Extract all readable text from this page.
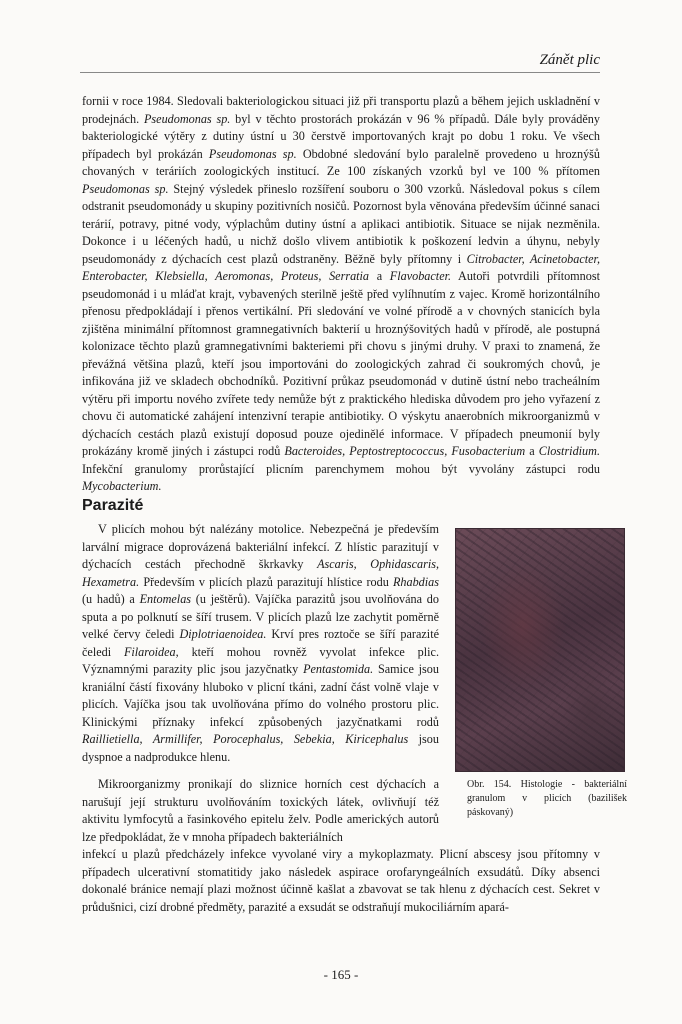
Zánět plic

fornii v roce 1984. Sledovali bakteriologickou situaci již při transportu plazů a během jejich uskladnění v prodejnách. Pseudomonas sp. byl v těchto prostorách prokázán v 96 % případů. Dále byly prováděny bakteriologické výtěry z dutiny ústní u 30 čerstvě importovaných krajt po dobu 1 roku. Ve všech případech byl prokázán Pseudomonas sp. Obdobné sledování bylo paralelně provedeno u hroznýšů chovaných v teráriích zoologických institucí. Ze 100 získaných vzorků byl ve 100 % přítomen Pseudomonas sp. Stejný výsledek přineslo rozšíření souboru o 300 vzorků. Následoval pokus s cílem odstranit pseudomonády u skupiny pozitivních nosičů. Pozornost byla věnována především účinné sanaci terárií, potravy, pitné vody, výplachům dutiny ústní a aplikaci antibiotik. Situace se nijak nezměnila. Dokonce i u léčených hadů, u nichž došlo vlivem antibiotik k poškození ledvin a úhynu, nebyly pseudomonády z dýchacích cest plazů odstraněny. Běžně byly přítomny i Citrobacter, Acinetobacter, Enterobacter, Klebsiella, Aeromonas, Proteus, Serratia a Flavobacter. Autoři potvrdili přítomnost pseudomonád i u mláďat krajt, vybavených sterilně ještě před vylíhnutím z vajec. Kromě horizontálního přenosu předpokládají i přenos vertikální. Při sledování ve volné přírodě a v chovných stanicích byla zjištěna minimální přítomnost gramnegativních bakterií u hroznýšovitých hadů v přírodě, ale postupná kolonizace těchto plazů gramnegativními bakteriemi při chovu s jinými druhy. V praxi to znamená, že převážná většina plazů, kteří jsou importováni do zoologických zahrad či soukromých chovů, je infikována již ve skladech obchodníků. Pozitivní průkaz pseudomonád v dutině ústní nebo tracheálním výtěru při importu nového zvířete tedy nemůže být z praktického hlediska důvodem pro jeho vyřazení z chovu či automatické zahájení intenzivní terapie antibiotiky. O výskytu anaerobních mikroorganizmů v dýchacích cestách plazů existují doposud pouze ojedinělé informace. V případech pneumonií byly prokázány kromě jiných i zástupci rodů Bacteroides, Peptostreptococcus, Fusobacterium a Clostridium. Infekční granulomy prorůstající plicním parenchymem mohou být vyvolány zástupci rodu Mycobacterium.

Parazité

V plicích mohou být nalézány motolice. Nebezpečná je především larvální migrace doprovázená bakteriální infekcí. Z hlístic parazitují v dýchacích cestách přechodně škrkavky Ascaris, Ophidascaris, Hexametra. Především v plicích plazů parazitují hlístice rodu Rhabdias (u hadů) a Entomelas (u ještěrů). Vajíčka parazitů jsou uvolňována do sputa a po polknutí se šíří trusem. V plicích plazů lze zachytit poměrně velké červy čeledi Diplotriaenoidea. Krví pres roztoče se šíří parazité čeledi Filaroidea, kteří mohou rovněž vyvolat infekce plic. Významnými parazity plic jsou jazyčnatky Pentastomida. Samice jsou kraniální částí fixovány hluboko v plicní tkáni, zadní část volně vlaje v plicích. Vajíčka jsou tak uvolňována přímo do volného prostoru plic. Klinickými příznaky infekcí způsobených jazyčnatkami rodů Raillietiella, Armillifer, Porocephalus, Sebekia, Kiricephalus jsou dyspnoe a nadprodukce hlenu.

Obr. 154. Histologie - bakteriální granulom v plicích (bazilišek páskovaný)

Mikroorganizmy pronikají do sliznice horních cest dýchacích a narušují její strukturu uvolňováním toxických látek, ovlivňují též aktivitu lymfocytů a řasinkového epitelu želv. Podle amerických autorů lze předpokládat, že v mnoha případech bakteriálních

infekcí u plazů předcházely infekce vyvolané viry a mykoplazmaty. Plicní abscesy jsou přítomny v případech ulcerativní stomatitidy jako následek aspirace orofaryngeálních exsudátů. Díky absenci dokonalé bránice nemají plazi možnost účinně kašlat a zbavovat se tak hlenu z dýchacích cest. Sekret v průdušnici, cizí drobné předměty, parazité a exsudát se odstraňují mukociliárním apará-

- 165 -
